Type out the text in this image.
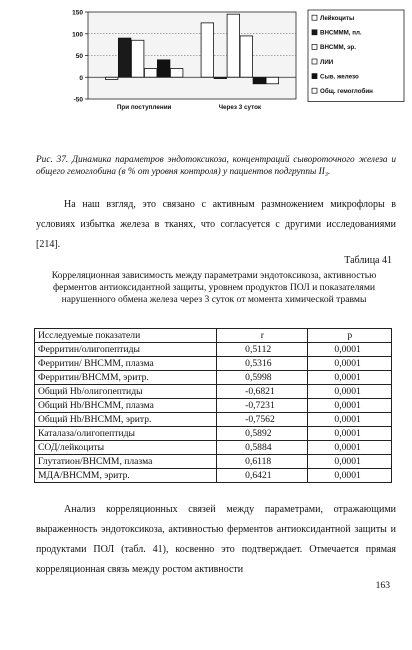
150
100
50
0
-50
При поступлении	Через 3 суток
Лейкоциты
ВНСМММ, пл.
ВНСММ, эр.
ЛИИ
Сыв. железо
Общ. гемоглобин
Рис. 37. Динамика параметров эндотоксикоза, концентраций сывороточного железа и общего гемоглобина (в % от уровня контроля) у пациентов подгруппы II₃.
На наш взгляд, это связано с активным размножением микрофлоры в условиях избытка железа в тканях, что согласуется с другими исследованиями [214].
Таблица 41
Корреляционная зависимость между параметрами эндотоксикоза, активностью ферментов антиоксидантной защиты, уровнем продуктов ПОЛ и показателями нарушенного обмена железа через 3 суток от момента химической травмы
Исследуемые показатели	r	p
Ферритин/олигопептиды	0,5112	0,0001
Ферритин/ ВНСММ, плазма	0,5316	0,0001
Ферритин/ВНСММ, эритр.	0,5998	0,0001
Общий Hb/олигопептиды	-0,6821	0,0001
Общий Hb/ВНСММ, плазма	-0,7231	0,0001
Общий Hb/ВНСММ, эритр.	-0,7562	0,0001
Каталаза/олигопептиды	0,5892	0,0001
СОД/лейкоциты	0,5884	0,0001
Глутатион/ВНСММ, плазма	0,6118	0,0001
МДА/ВНСММ, эритр.	0,6421	0,0001
Анализ корреляционных связей между параметрами, отражающими выраженность эндотоксикоза, активностью ферментов антиоксидантной защиты и продуктами ПОЛ (табл. 41), косвенно это подтверждает. Отмечается прямая корреляционная связь между ростом активности
163
